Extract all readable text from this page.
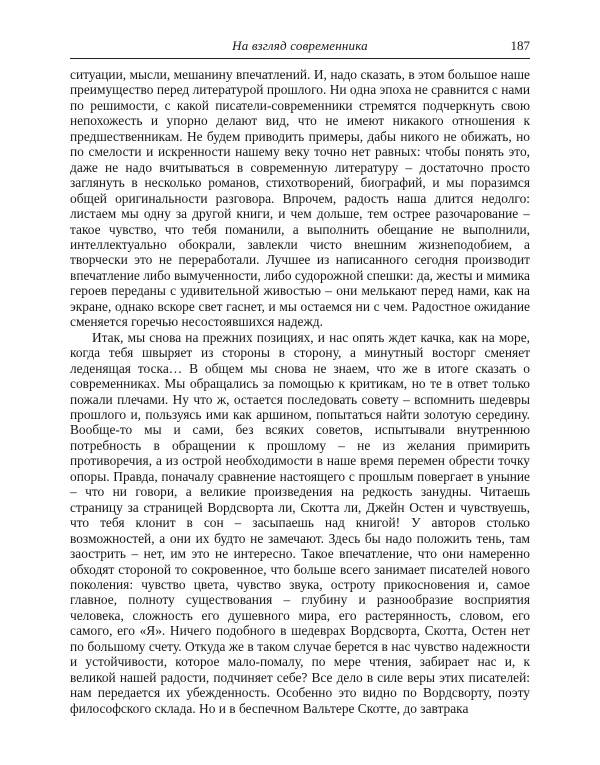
На взгляд современника	187

ситуации, мысли, мешанину впечатлений. И, надо сказать, в этом большое наше преимущество перед литературой прошлого. Ни одна эпоха не сравнится с нами по решимости, с какой писатели-современники стремятся подчеркнуть свою непохожесть и упорно делают вид, что не имеют никакого отношения к предшественникам. Не будем приводить примеры, дабы никого не обижать, но по смелости и искренности нашему веку точно нет равных: чтобы понять это, даже не надо вчитываться в современную литературу – достаточно просто заглянуть в несколько романов, стихотворений, биографий, и мы поразимся общей оригинальности разговора. Впрочем, радость наша длится недолго: листаем мы одну за другой книги, и чем дольше, тем острее разочарование – такое чувство, что тебя поманили, а выполнить обещание не выполнили, интеллектуально обокрали, завлекли чисто внешним жизнеподобием, а творчески это не переработали. Лучшее из написанного сегодня производит впечатление либо вымученности, либо судорожной спешки: да, жесты и мимика героев переданы с удивительной живостью – они мелькают перед нами, как на экране, однако вскоре свет гаснет, и мы остаемся ни с чем. Радостное ожидание сменяется горечью несостоявшихся надежд.

Итак, мы снова на прежних позициях, и нас опять ждет качка, как на море, когда тебя швыряет из стороны в сторону, а минутный восторг сменяет леденящая тоска… В общем мы снова не знаем, что же в итоге сказать о современниках. Мы обращались за помощью к критикам, но те в ответ только пожали плечами. Ну что ж, остается последовать совету – вспомнить шедевры прошлого и, пользуясь ими как аршином, попытаться найти золотую середину. Вообще-то мы и сами, без всяких советов, испытывали внутреннюю потребность в обращении к прошлому – не из желания примирить противоречия, а из острой необходимости в наше время перемен обрести точку опоры. Правда, поначалу сравнение настоящего с прошлым повергает в уныние – что ни говори, а великие произведения на редкость занудны. Читаешь страницу за страницей Вордсворта ли, Скотта ли, Джейн Остен и чувствуешь, что тебя клонит в сон – засыпаешь над книгой! У авторов столько возможностей, а они их будто не замечают. Здесь бы надо положить тень, там заострить – нет, им это не интересно. Такое впечатление, что они намеренно обходят стороной то сокровенное, что больше всего занимает писателей нового поколения: чувство цвета, чувство звука, остроту прикосновения и, самое главное, полноту существования – глубину и разнообразие восприятия человека, сложность его душевного мира, его растерянность, словом, его самого, его «Я». Ничего подобного в шедеврах Вордсворта, Скотта, Остен нет по большому счету. Откуда же в таком случае берется в нас чувство надежности и устойчивости, которое мало-помалу, по мере чтения, забирает нас и, к великой нашей радости, подчиняет себе? Все дело в силе веры этих писателей: нам передается их убежденность. Особенно это видно по Вордсворту, поэту философского склада. Но и в беспечном Вальтере Скотте, до завтрака
